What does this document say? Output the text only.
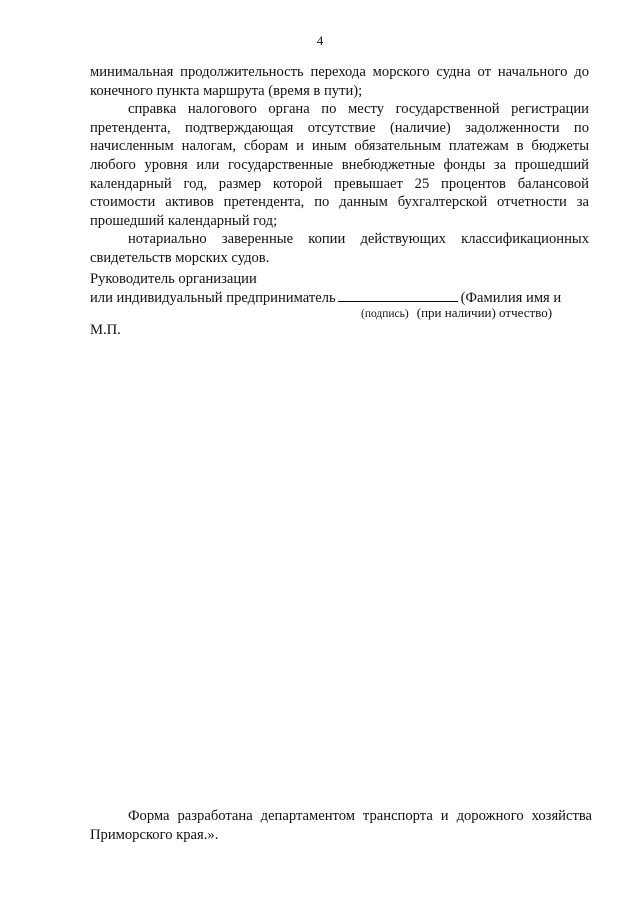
4

минимальная продолжительность перехода морского судна от начального до конечного пункта маршрута (время в пути);

справка налогового органа по месту государственной регистрации претендента, подтверждающая отсутствие (наличие) задолженности по начисленным налогам, сборам и иным обязательным платежам в бюджеты любого уровня или государственные внебюджетные фонды за прошедший календарный год, размер которой превышает 25 процентов балансовой стоимости активов претендента, по данным бухгалтерской отчетности за прошедший календарный год;

нотариально заверенные копии действующих классификационных свидетельств морских судов.

Руководитель организации
или индивидуальный предприниматель	(Фамилия имя и
(подпись) (при наличии) отчество)
М.П.

Форма разработана департаментом транспорта и дорожного хозяйства Приморского края.».
